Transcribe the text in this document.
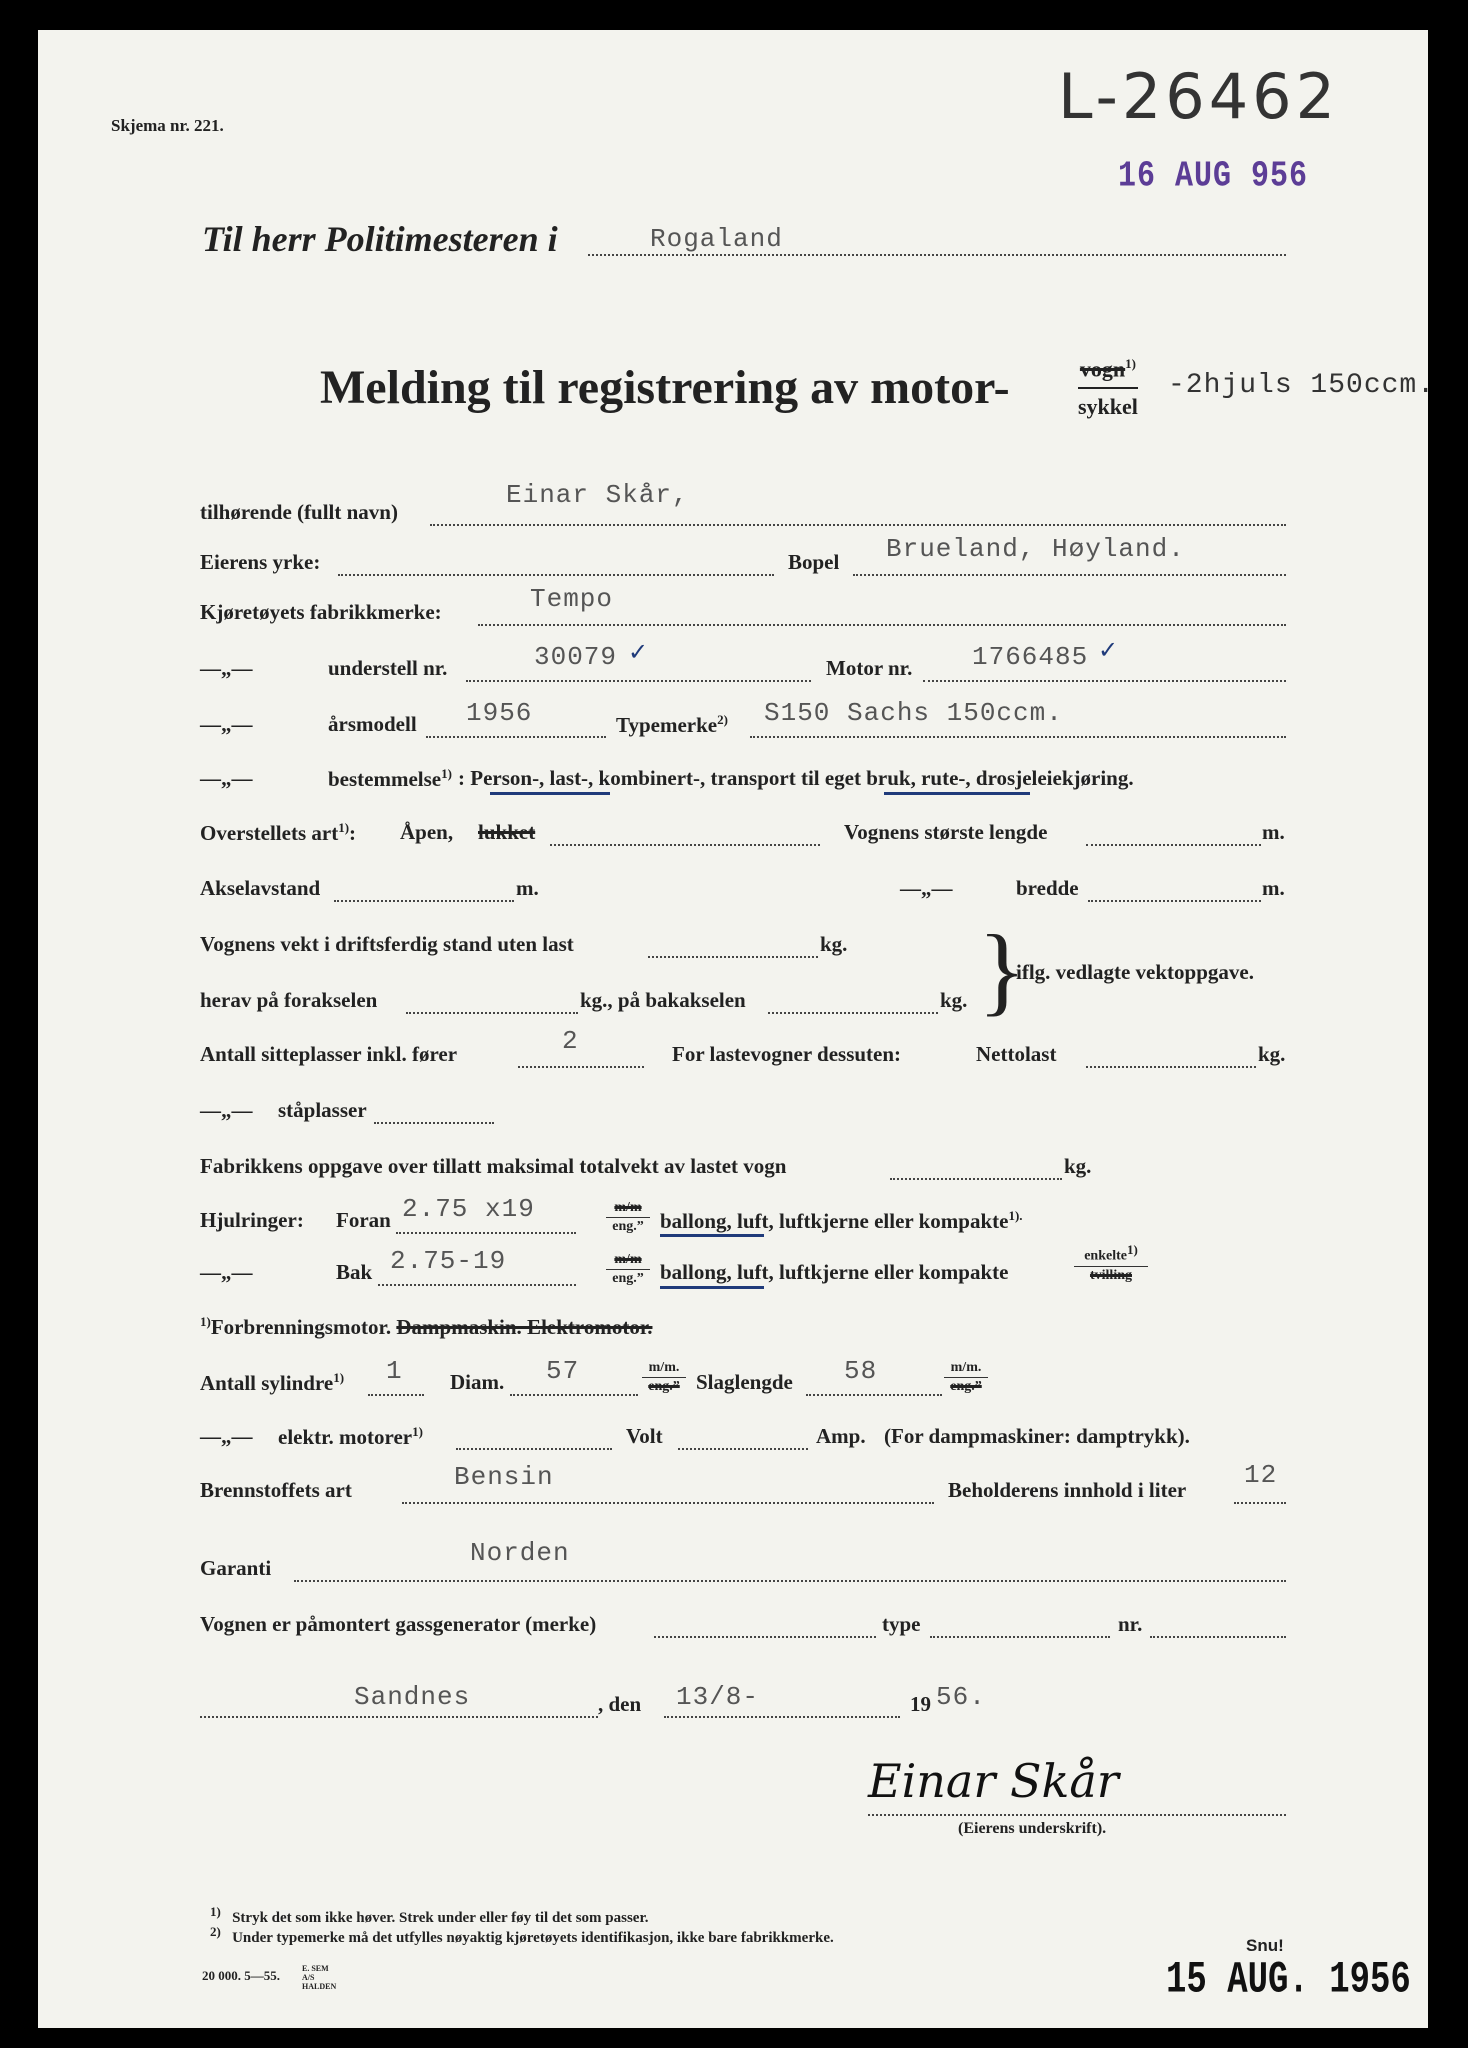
L-26462
16 AUG 956
Skjema nr. 221.
Til herr Politimesteren i	Rogaland
Melding til registrering av motor-	vogn$^{1)}$
sykkel
-2hjuls 150ccm.
tilhørende (fullt navn)
Einar Skår,
Eierens yrke:	Bopel Brueland, Høyland.
Kjøretøyets fabrikkmerke:	Tempo
—„—	understell nr.	30079 ✓
Motor nr. 1766485 ✓
—„—	årsmodell 1956	Typemerke$^{2)}$ S150 Sachs 150ccm.
—„—	bestemmelse$^{1)}$ : Person-, last-, kombinert-, transport til eget bruk, rute-, drosjeleiekjøring.
Overstellets art$^{1)}$: Åpen, lukket	Vognens største lengde	m.
Akselavstand	m.	—„—	bredde	m.
Vognens vekt i driftsferdig stand uten last	kg.
herav på forakselen	kg., på bakakselen	kg. }
iflg. vedlagte vektoppgave.
Antall sitteplasser inkl. fører	2	For lastevogner dessuten:	Nettolast	kg.
—„— ståplasser
Fabrikkens oppgave over tillatt maksimal totalvekt av lastet vogn	kg.
Hjulringer: Foran 2.75 x19	m/m
eng.” ballong, luft, luftkjerne eller kompakte$^{1).}$
—„—	Bak 2.75-19	m/m
eng.” ballong, luft, luftkjerne eller kompakte
enkelte$^{1)}$
tvilling
$^{1)}$Forbrenningsmotor. Dampmaskin. Elektromotor.
Antall sylindre$^{1)}$ 1 Diam. 57	m/m.
eng.” Slaglengde 58	m/m.
eng.”
—„— elektr. motorer$^{1)}$	Volt	Amp. (For dampmaskiner: damptrykk).
Brennstoffets art	Bensin	Beholderens innhold i liter 12
Garanti	Norden
Vognen er påmontert gassgenerator (merke)	type	nr.
Sandnes	, den 13/8-	19 56.
Einar Skår
(Eierens underskrift).
$^{1)}$ Stryk det som ikke høver. Strek under eller føy til det som passer.
$^{2)}$ Under typemerke må det utfylles nøyaktig kjøretøyets identifikasjon, ikke bare fabrikkmerke.
20 000. 5—55.	E. SEM A/S HALDEN
Snu!
15 AUG. 1956
